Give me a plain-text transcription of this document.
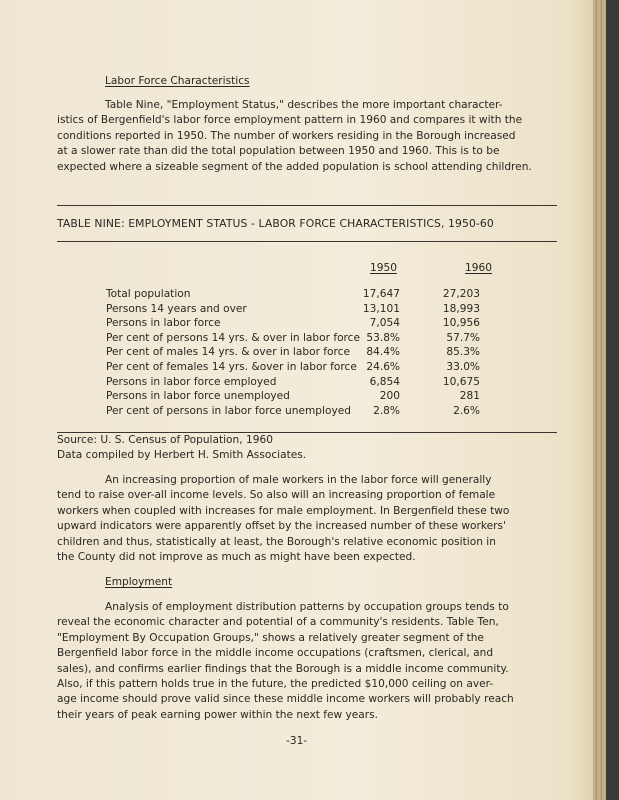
Labor Force Characteristics
Table Nine, "Employment Status," describes the more important character-
istics of Bergenfield's labor force employment pattern in 1960 and compares it with the
conditions reported in 1950. The number of workers residing in the Borough increased
at a slower rate than did the total population between 1950 and 1960. This is to be
expected where a sizeable segment of the added population is school attending children.
TABLE NINE: EMPLOYMENT STATUS - LABOR FORCE CHARACTERISTICS, 1950-60
1950	1960
Total population	17,647	27,203
Persons 14 years and over	13,101	18,993
Persons in labor force	7,054	10,956
Per cent of persons 14 yrs. & over in labor force 53.8%	57.7%
Per cent of males 14 yrs. & over in labor force 84.4%	85.3%
Per cent of females 14 yrs. &over in labor force 24.6%	33.0%
Persons in labor force employed	6,854	10,675
Persons in labor force unemployed	200	281
Per cent of persons in labor force unemployed 2.8%	2.6%
Source: U. S. Census of Population, 1960
Data compiled by Herbert H. Smith Associates.
An increasing proportion of male workers in the labor force will generally
tend to raise over-all income levels. So also will an increasing proportion of female
workers when coupled with increases for male employment. In Bergenfield these two
upward indicators were apparently offset by the increased number of these workers'
children and thus, statistically at least, the Borough's relative economic position in
the County did not improve as much as might have been expected.
Employment
Analysis of employment distribution patterns by occupation groups tends to
reveal the economic character and potential of a community's residents. Table Ten,
"Employment By Occupation Groups," shows a relatively greater segment of the
Bergenfield labor force in the middle income occupations (craftsmen, clerical, and
sales), and confirms earlier findings that the Borough is a middle income community.
Also, if this pattern holds true in the future, the predicted $10,000 ceiling on aver-
age income should prove valid since these middle income workers will probably reach
their years of peak earning power within the next few years.
-31-
